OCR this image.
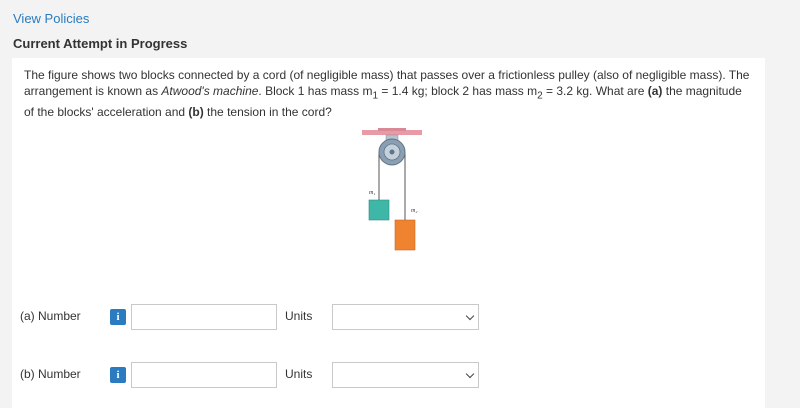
View Policies
Current Attempt in Progress
The figure shows two blocks connected by a cord (of negligible mass) that passes over a frictionless pulley (also of negligible mass). The arrangement is known as Atwood's machine. Block 1 has mass $m_1 = 1.4$ kg; block 2 has mass $m_2 = 3.2$ kg. What are (a) the magnitude of the blocks' acceleration and (b) the tension in the cord?
m₁
m₂
(a) Number	i	Units
(b) Number	i	Units
